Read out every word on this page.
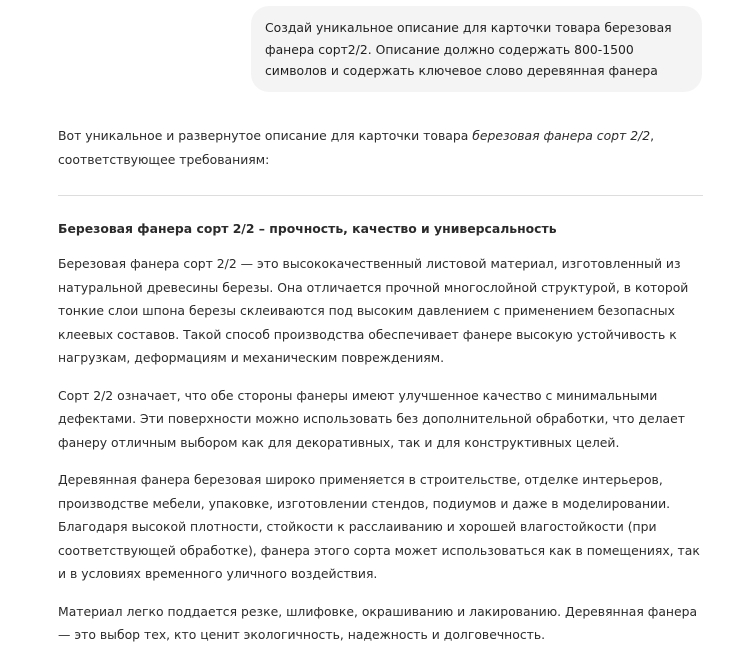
Создай уникальное описание для карточки товара березовая фанера сорт2/2. Описание должно содержать 800-1500 символов и содержать ключевое слово деревянная фанера

Вот уникальное и развернутое описание для карточки товара березовая фанера сорт 2/2,
соответствующее требованиям:

Березовая фанера сорт 2/2 – прочность, качество и универсальность

Березовая фанера сорт 2/2 — это высококачественный листовой материал, изготовленный из натуральной древесины березы. Она отличается прочной многослойной структурой, в которой тонкие слои шпона березы склеиваются под высоким давлением с применением безопасных клеевых составов. Такой способ производства обеспечивает фанере высокую устойчивость к нагрузкам, деформациям и механическим повреждениям.

Сорт 2/2 означает, что обе стороны фанеры имеют улучшенное качество с минимальными дефектами. Эти поверхности можно использовать без дополнительной обработки, что делает фанеру отличным выбором как для декоративных, так и для конструктивных целей.

Деревянная фанера березовая широко применяется в строительстве, отделке интерьеров, производстве мебели, упаковке, изготовлении стендов, подиумов и даже в моделировании. Благодаря высокой плотности, стойкости к расслаиванию и хорошей влагостойкости (при соответствующей обработке), фанера этого сорта может использоваться как в помещениях, так и в условиях временного уличного воздействия.

Материал легко поддается резке, шлифовке, окрашиванию и лакированию. Деревянная фанера — это выбор тех, кто ценит экологичность, надежность и долговечность.
